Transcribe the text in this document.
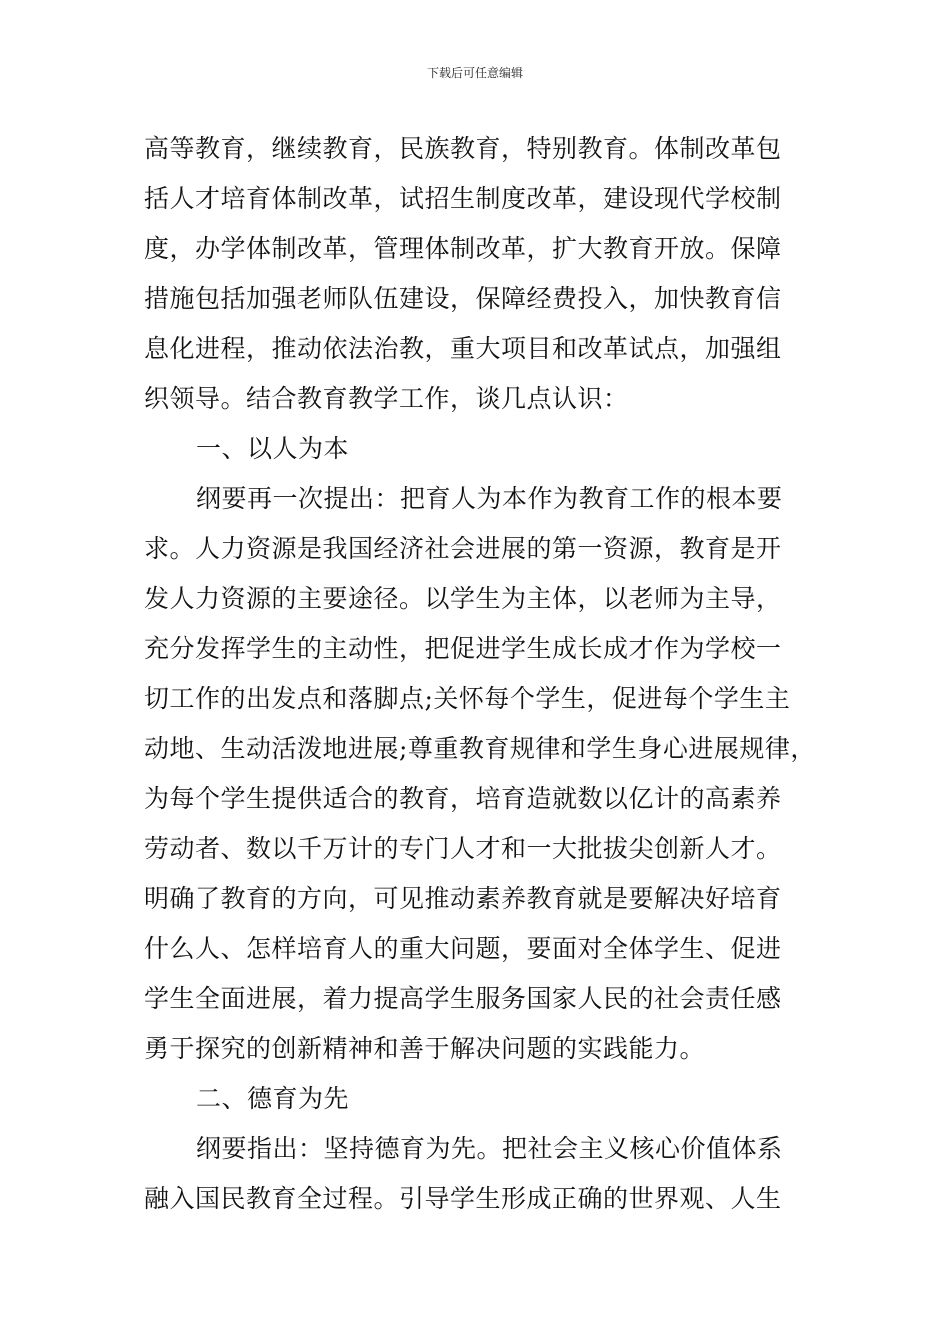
下载后可任意编辑
高等教育，继续教育，民族教育，特别教育。体制改革包
括人才培育体制改革，试招生制度改革，建设现代学校制
度，办学体制改革，管理体制改革，扩大教育开放。保障
措施包括加强老师队伍建设，保障经费投入，加快教育信
息化进程，推动依法治教，重大项目和改革试点，加强组
织领导。结合教育教学工作，谈几点认识：
一、以人为本
纲要再一次提出：把育人为本作为教育工作的根本要
求。人力资源是我国经济社会进展的第一资源，教育是开
发人力资源的主要途径。以学生为主体，以老师为主导，
充分发挥学生的主动性，把促进学生成长成才作为学校一
切工作的出发点和落脚点;关怀每个学生，促进每个学生主
动地、生动活泼地进展;尊重教育规律和学生身心进展规律，
为每个学生提供适合的教育，培育造就数以亿计的高素养
劳动者、数以千万计的专门人才和一大批拔尖创新人才。
明确了教育的方向，可见推动素养教育就是要解决好培育
什么人、怎样培育人的重大问题，要面对全体学生、促进
学生全面进展，着力提高学生服务国家人民的社会责任感
勇于探究的创新精神和善于解决问题的实践能力。
二、德育为先
纲要指出：坚持德育为先。把社会主义核心价值体系
融入国民教育全过程。引导学生形成正确的世界观、人生
